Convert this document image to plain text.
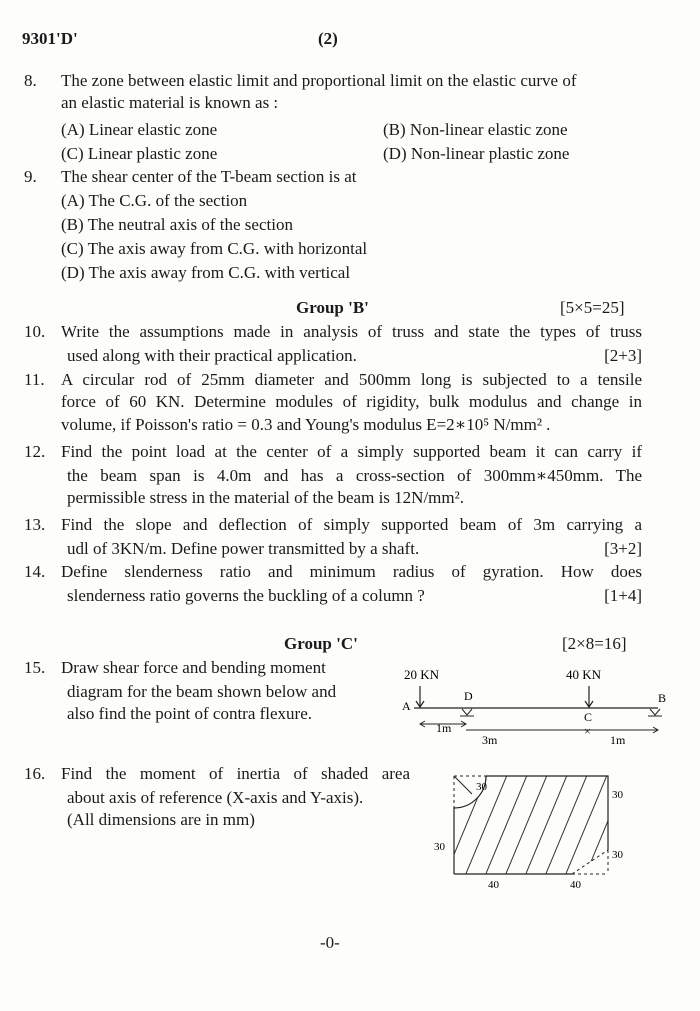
9301'D'	(2)
8. The zone between elastic limit and proportional limit on the elastic curve of
an elastic material is known as :
(A) Linear elastic zone	(B) Non-linear elastic zone
(C) Linear plastic zone	(D) Non-linear plastic zone
9. The shear center of the T-beam section is at
(A) The C.G. of the section
(B) The neutral axis of the section
(C) The axis away from C.G. with horizontal
(D) The axis away from C.G. with vertical
Group 'B'	[5×5=25]
10. Write the assumptions made in analysis of truss and state the types of truss
used along with their practical application.	[2+3]
11. A circular rod of 25mm diameter and 500mm long is subjected to a tensile
force of 60 KN. Determine modules of rigidity, bulk modulus and change in
volume, if Poisson's ratio = 0.3 and Young's modulus E=2∗10⁵ N/mm² .
12. Find the point load at the center of a simply supported beam it can carry if
the beam span is 4.0m and has a cross-section of 300mm∗450mm. The
permissible stress in the material of the beam is 12N/mm².
13. Find the slope and deflection of simply supported beam of 3m carrying a
udl of 3KN/m. Define power transmitted by a shaft.	[3+2]
14. Define slenderness ratio and minimum radius of gyration. How does
slenderness ratio governs the buckling of a column ?	[1+4]
Group 'C'	[2×8=16]
15. Draw shear force and bending moment
diagram for the beam shown below and
also find the point of contra flexure.
20 KN	40 KN
A
B
D
C
1m
3m
×
1m
16. Find the moment of inertia of shaded area
about axis of reference (X-axis and Y-axis).
(All dimensions are in mm)
30
30
30
30
40	40
-0-
